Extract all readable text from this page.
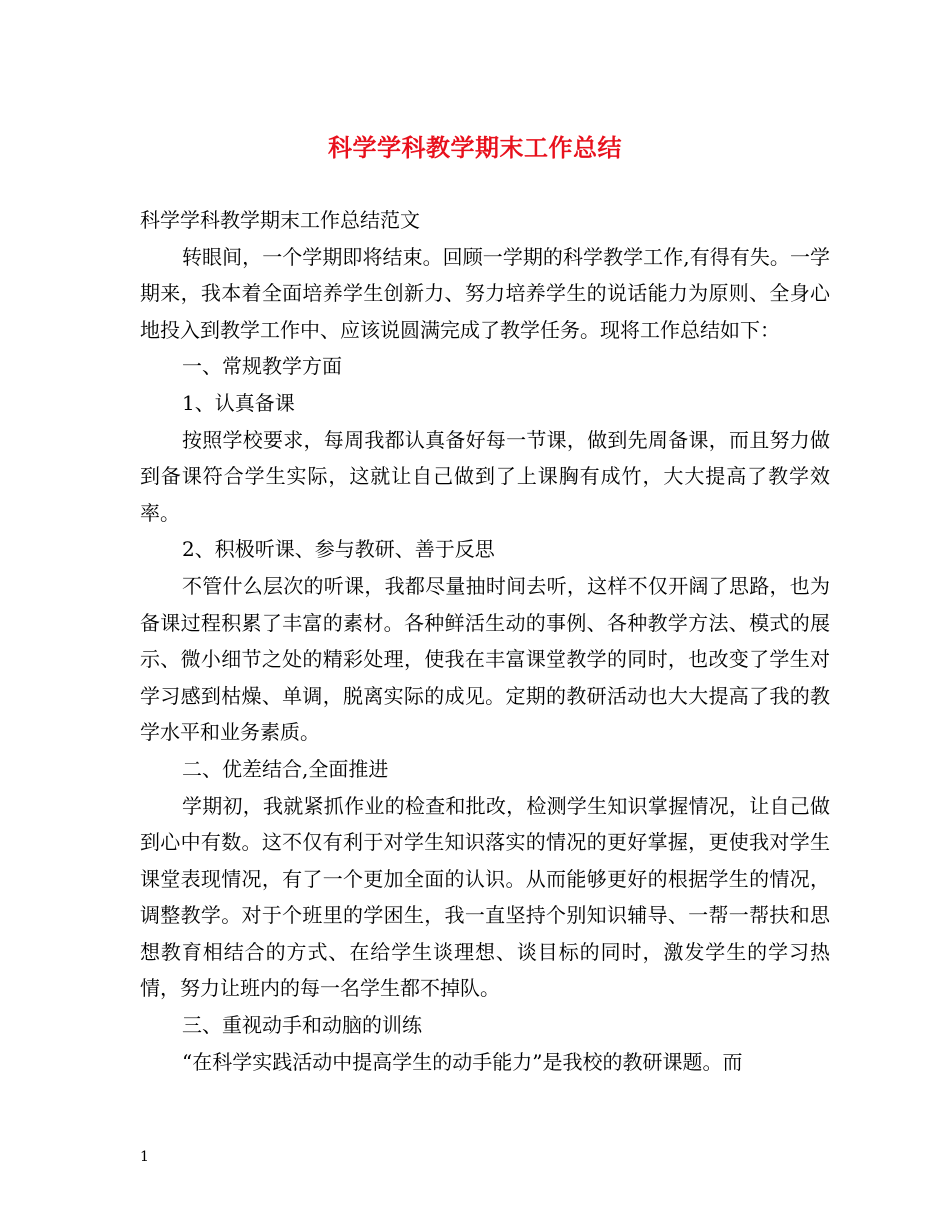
科学学科教学期末工作总结

科学学科教学期末工作总结范文

转眼间，一个学期即将结束。回顾一学期的科学教学工作,有得有失。一学期来，我本着全面培养学生创新力、努力培养学生的说话能力为原则、全身心地投入到教学工作中、应该说圆满完成了教学任务。现将工作总结如下：

一、常规教学方面

1、认真备课

按照学校要求，每周我都认真备好每一节课，做到先周备课，而且努力做到备课符合学生实际，这就让自己做到了上课胸有成竹，大大提高了教学效率。

2、积极听课、参与教研、善于反思

不管什么层次的听课，我都尽量抽时间去听，这样不仅开阔了思路，也为备课过程积累了丰富的素材。各种鲜活生动的事例、各种教学方法、模式的展示、微小细节之处的精彩处理，使我在丰富课堂教学的同时，也改变了学生对学习感到枯燥、单调，脱离实际的成见。定期的教研活动也大大提高了我的教学水平和业务素质。

二、优差结合,全面推进

学期初，我就紧抓作业的检查和批改，检测学生知识掌握情况，让自己做到心中有数。这不仅有利于对学生知识落实的情况的更好掌握，更使我对学生课堂表现情况，有了一个更加全面的认识。从而能够更好的根据学生的情况，调整教学。对于个班里的学困生，我一直坚持个别知识辅导、一帮一帮扶和思想教育相结合的方式、在给学生谈理想、谈目标的同时，激发学生的学习热情，努力让班内的每一名学生都不掉队。

三、重视动手和动脑的训练

“在科学实践活动中提高学生的动手能力”是我校的教研课题。而

1
